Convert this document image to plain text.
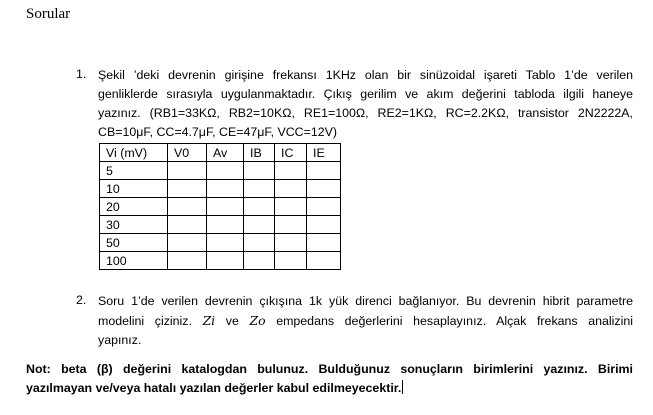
Sorular
1. Şekil ’deki devrenin girişine frekansı 1KHz olan bir sinüzoidal işareti Tablo 1’de verilen
genliklerde sırasıyla uygulanmaktadır. Çıkış gerilim ve akım değerini tabloda ilgili haneye
yazınız. (RB1=33KΩ, RB2=10KΩ, RE1=100Ω, RE2=1KΩ, RC=2.2KΩ, transistor 2N2222A,
CB=10μF, CC=4.7μF, CE=47μF, VCC=12V)
Vi (mV)	V0	Av	IB	IC	IE
5					
10					
20					
30					
50					
100					
2. Soru 1’de verilen devrenin çıkışına 1k yük direnci bağlanıyor. Bu devrenin hibrit parametre
modelini çiziniz. Zi ve Zo empedans değerlerini hesaplayınız. Alçak frekans analizini
yapınız.
Not: beta (β) değerini katalogdan bulunuz. Bulduğunuz sonuçların birimlerini yazınız. Birimi
yazılmayan ve/veya hatalı yazılan değerler kabul edilmeyecektir.
